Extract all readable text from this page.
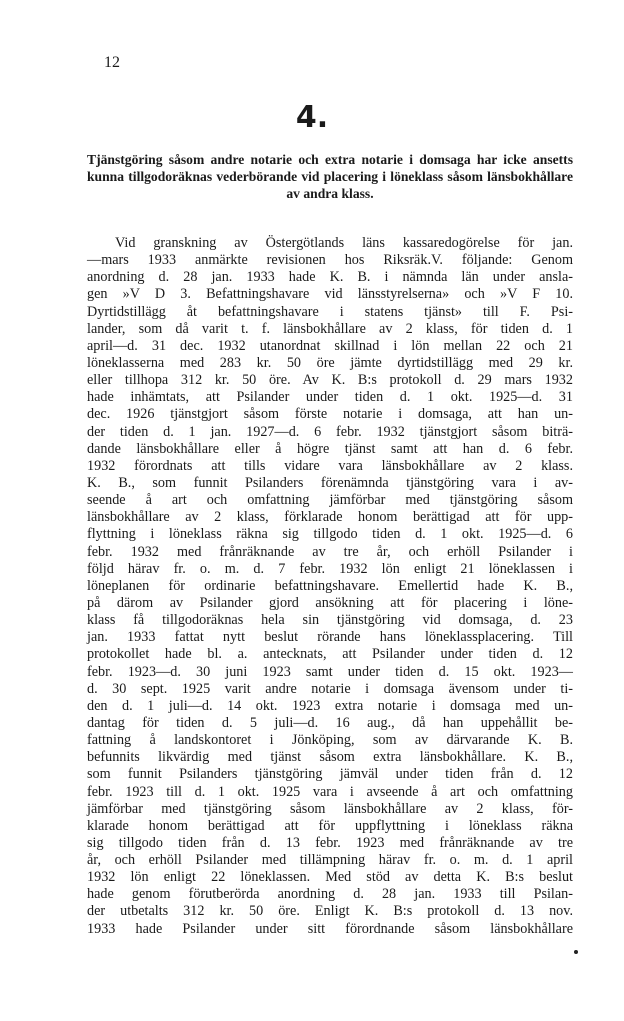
12
4.
Tjänstgöring såsom andre notarie och extra notarie i domsaga har icke ansetts kunna tillgodoräknas vederbörande vid placering i löneklass såsom länsbokhållare av andra klass.
Vid granskning av Östergötlands läns kassaredogörelse för jan.
—mars 1933 anmärkte revisionen hos Riksräk.V. följande: Genom
anordning d. 28 jan. 1933 hade K. B. i nämnda län under ansla-
gen »V D 3. Befattningshavare vid länsstyrelserna» och »V F 10.
Dyrtidstillägg åt befattningshavare i statens tjänst» till F. Psi-
lander, som då varit t. f. länsbokhållare av 2 klass, för tiden d. 1
april—d. 31 dec. 1932 utanordnat skillnad i lön mellan 22 och 21
löneklasserna med 283 kr. 50 öre jämte dyrtidstillägg med 29 kr.
eller tillhopa 312 kr. 50 öre. Av K. B:s protokoll d. 29 mars 1932
hade inhämtats, att Psilander under tiden d. 1 okt. 1925—d. 31
dec. 1926 tjänstgjort såsom förste notarie i domsaga, att han un-
der tiden d. 1 jan. 1927—d. 6 febr. 1932 tjänstgjort såsom biträ-
dande länsbokhållare eller å högre tjänst samt att han d. 6 febr.
1932 förordnats att tills vidare vara länsbokhållare av 2 klass.
K. B., som funnit Psilanders förenämnda tjänstgöring vara i av-
seende å art och omfattning jämförbar med tjänstgöring såsom
länsbokhållare av 2 klass, förklarade honom berättigad att för upp-
flyttning i löneklass räkna sig tillgodo tiden d. 1 okt. 1925—d. 6
febr. 1932 med frånräknande av tre år, och erhöll Psilander i
följd härav fr. o. m. d. 7 febr. 1932 lön enligt 21 löneklassen i
löneplanen för ordinarie befattningshavare. Emellertid hade K. B.,
på därom av Psilander gjord ansökning att för placering i löne-
klass få tillgodoräknas hela sin tjänstgöring vid domsaga, d. 23
jan. 1933 fattat nytt beslut rörande hans löneklassplacering. Till
protokollet hade bl. a. antecknats, att Psilander under tiden d. 12
febr. 1923—d. 30 juni 1923 samt under tiden d. 15 okt. 1923—
d. 30 sept. 1925 varit andre notarie i domsaga ävensom under ti-
den d. 1 juli—d. 14 okt. 1923 extra notarie i domsaga med un-
dantag för tiden d. 5 juli—d. 16 aug., då han uppehållit be-
fattning å landskontoret i Jönköping, som av därvarande K. B.
befunnits likvärdig med tjänst såsom extra länsbokhållare. K. B.,
som funnit Psilanders tjänstgöring jämväl under tiden från d. 12
febr. 1923 till d. 1 okt. 1925 vara i avseende å art och omfattning
jämförbar med tjänstgöring såsom länsbokhållare av 2 klass, för-
klarade honom berättigad att för uppflyttning i löneklass räkna
sig tillgodo tiden från d. 13 febr. 1923 med frånräknande av tre
år, och erhöll Psilander med tillämpning härav fr. o. m. d. 1 april
1932 lön enligt 22 löneklassen. Med stöd av detta K. B:s beslut
hade genom förutberörda anordning d. 28 jan. 1933 till Psilan-
der utbetalts 312 kr. 50 öre. Enligt K. B:s protokoll d. 13 nov.
1933 hade Psilander under sitt förordnande såsom länsbokhållare
